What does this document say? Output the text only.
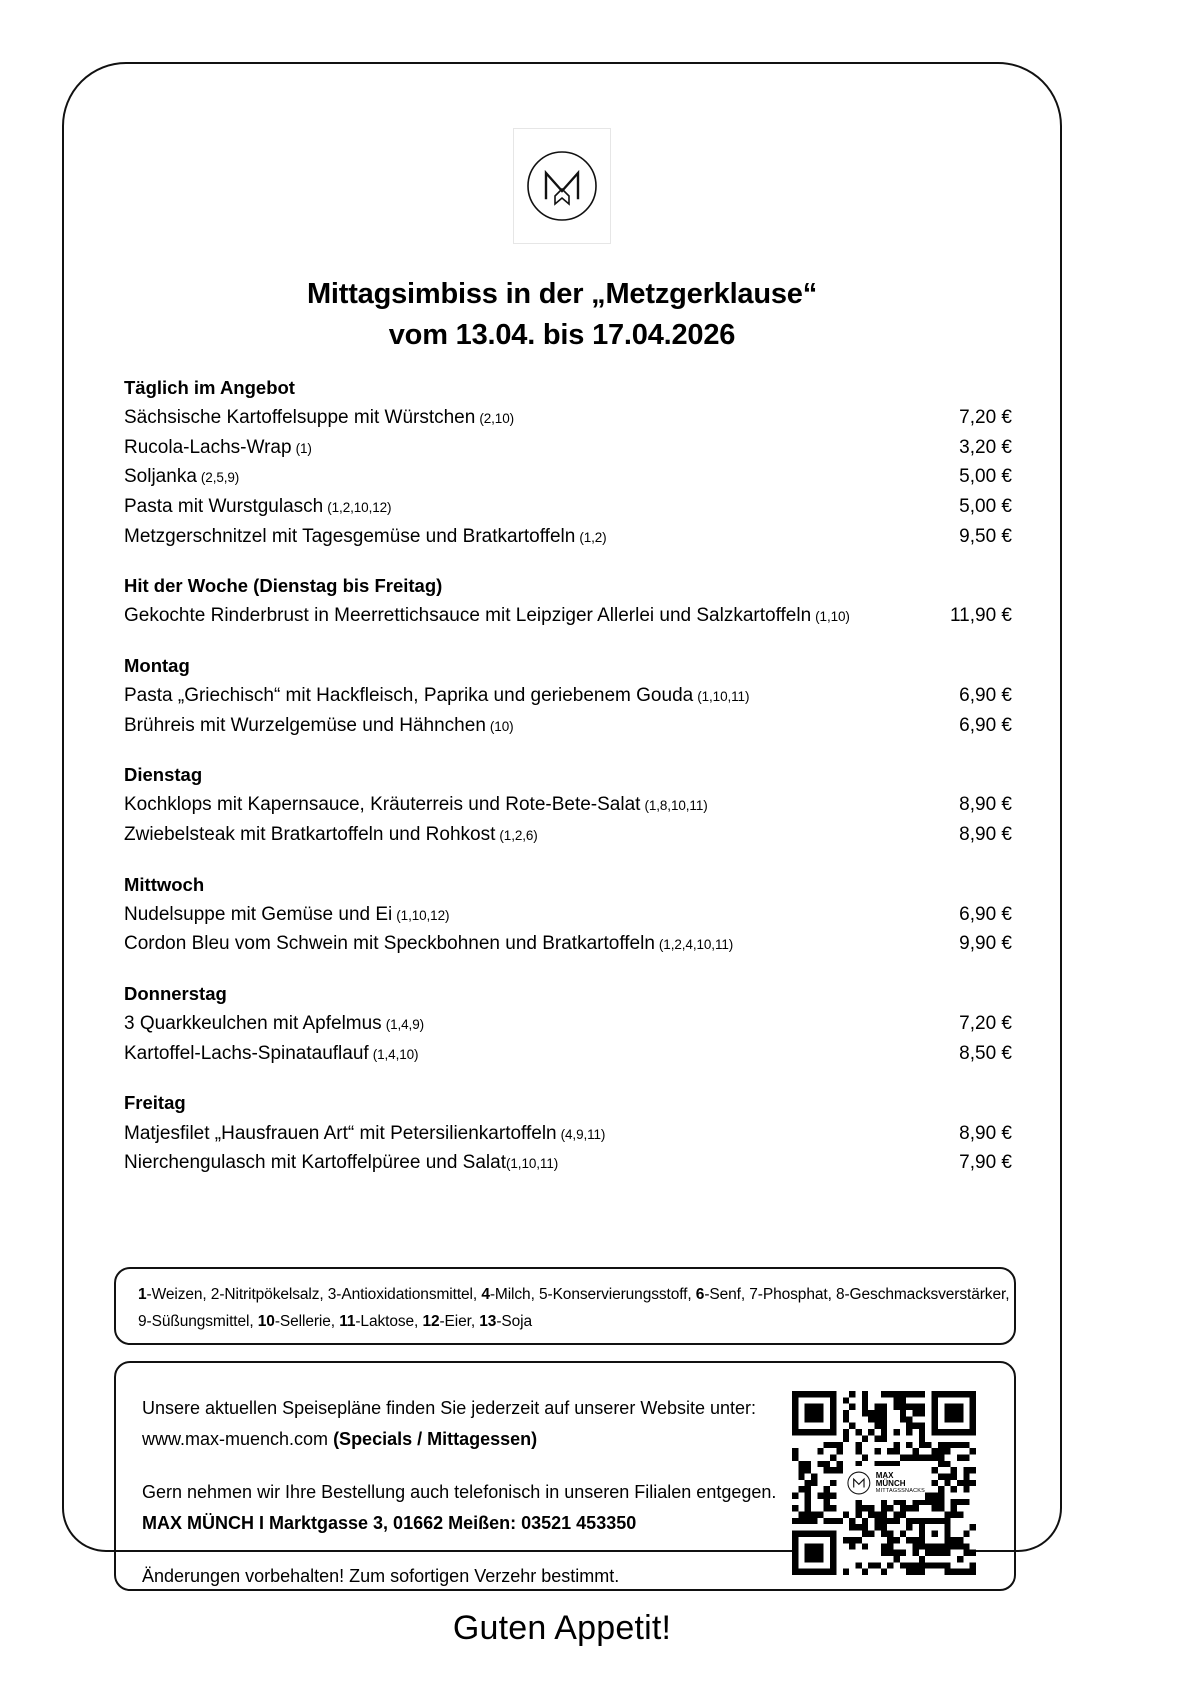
Mittagsimbiss in der „Metzgerklause“
vom 13.04. bis 17.04.2026
Täglich im Angebot
Sächsische Kartoffelsuppe mit Würstchen (2,10)	7,20 €
Rucola-Lachs-Wrap (1)	3,20 €
Soljanka (2,5,9)	5,00 €
Pasta mit Wurstgulasch (1,2,10,12)	5,00 €
Metzgerschnitzel mit Tagesgemüse und Bratkartoffeln (1,2)	9,50 €
Hit der Woche (Dienstag bis Freitag)
Gekochte Rinderbrust in Meerrettichsauce mit Leipziger Allerlei und Salzkartoffeln (1,10)	11,90 €
Montag
Pasta „Griechisch“ mit Hackfleisch, Paprika und geriebenem Gouda (1,10,11)	6,90 €
Brühreis mit Wurzelgemüse und Hähnchen (10)	6,90 €
Dienstag
Kochklops mit Kapernsauce, Kräuterreis und Rote-Bete-Salat (1,8,10,11)	8,90 €
Zwiebelsteak mit Bratkartoffeln und Rohkost (1,2,6)	8,90 €
Mittwoch
Nudelsuppe mit Gemüse und Ei (1,10,12)	6,90 €
Cordon Bleu vom Schwein mit Speckbohnen und Bratkartoffeln (1,2,4,10,11)	9,90 €
Donnerstag
3 Quarkkeulchen mit Apfelmus (1,4,9)	7,20 €
Kartoffel-Lachs-Spinatauflauf (1,4,10)	8,50 €
Freitag
Matjesfilet „Hausfrauen Art“ mit Petersilienkartoffeln (4,9,11)	8,90 €
Nierchengulasch mit Kartoffelpüree und Salat(1,10,11)	7,90 €
1-Weizen, 2-Nitritpökelsalz, 3-Antioxidationsmittel, 4-Milch, 5-Konservierungsstoff, 6-Senf, 7-Phosphat, 8-Geschmacksverstärker,
9-Süßungsmittel, 10-Sellerie, 11-Laktose, 12-Eier, 13-Soja
Unsere aktuellen Speisepläne finden Sie jederzeit auf unserer Website unter:
www.max-muench.com (Specials / Mittagessen)
Gern nehmen wir Ihre Bestellung auch telefonisch in unseren Filialen entgegen.
MAX MÜNCH I Marktgasse 3, 01662 Meißen: 03521 453350
Änderungen vorbehalten! Zum sofortigen Verzehr bestimmt.
MAX MÜNCH
MITTAGSSNACKS
Guten Appetit!
